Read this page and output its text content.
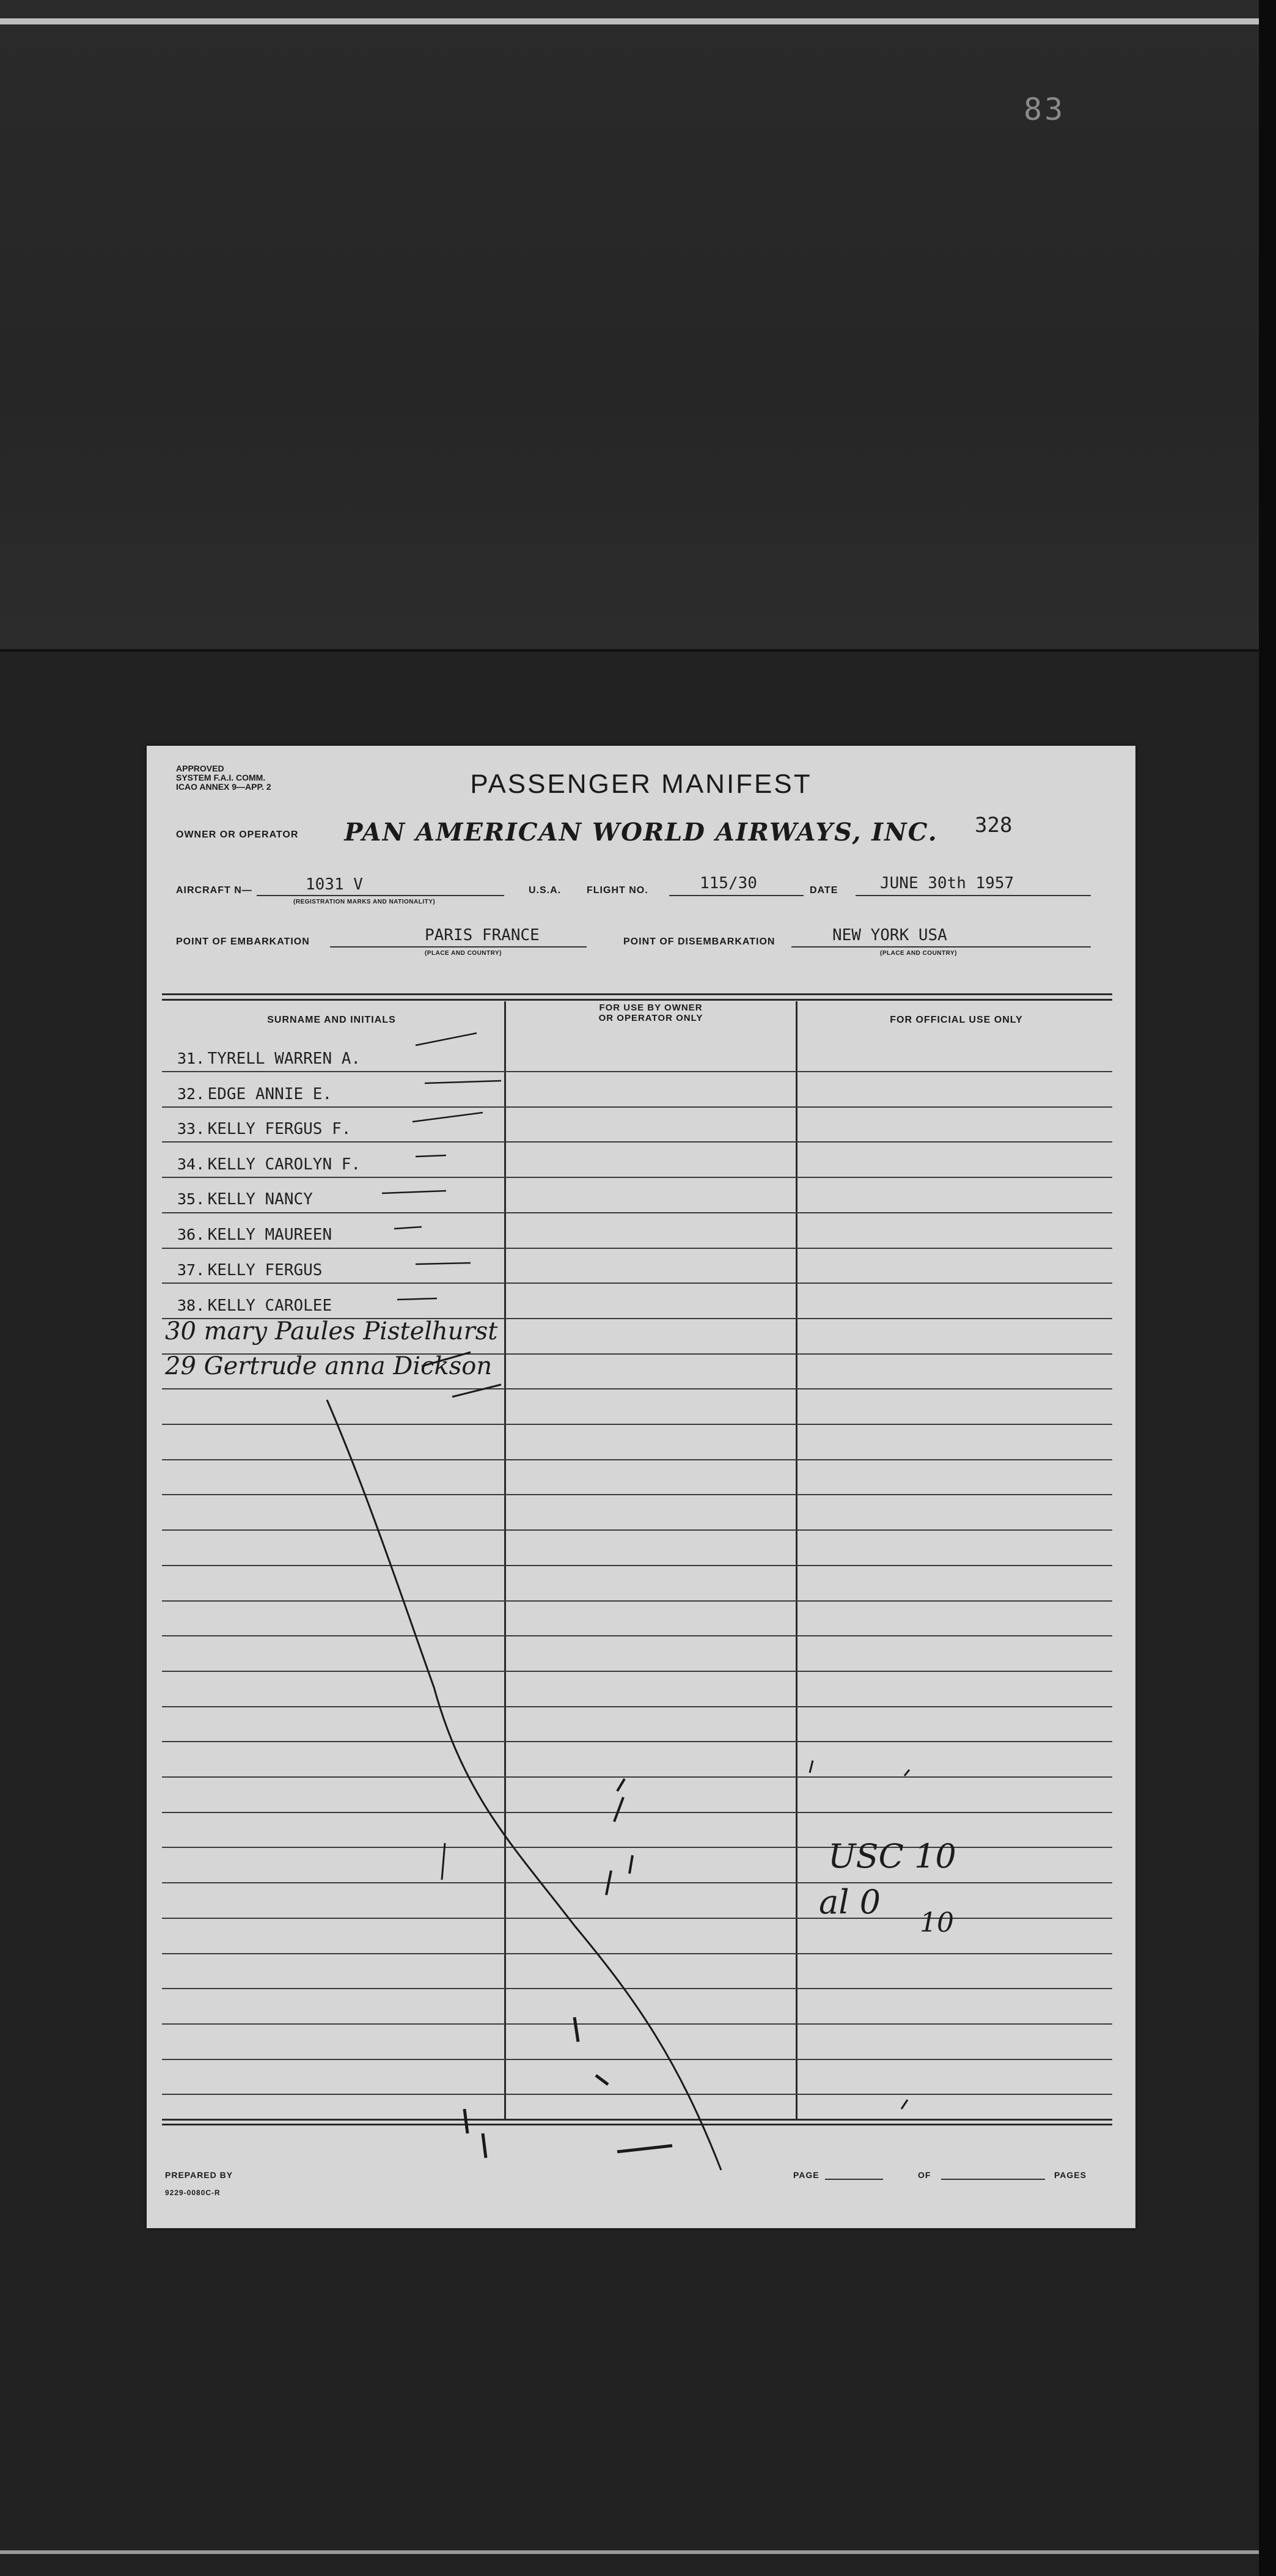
83
APPROVED
SYSTEM F.A.I. COMM.
ICAO ANNEX 9—APP. 2	PASSENGER MANIFEST
328
OWNER OR OPERATOR	PAN AMERICAN WORLD AIRWAYS, INC.
AIRCRAFT N—	1031 V
(REGISTRATION MARKS AND NATIONALITY)
U.S.A.	FLIGHT NO.	115/30	DATE	JUNE 30th 1957
POINT OF EMBARKATION	PARIS FRANCE
(PLACE AND COUNTRY)
POINT OF DISEMBARKATION	NEW YORK USA
(PLACE AND COUNTRY)
SURNAME AND INITIALS
FOR USE BY OWNER
OR OPERATOR ONLY	FOR OFFICIAL USE ONLY
31. TYRELL WARREN A.
32. EDGE ANNIE E.
33. KELLY FERGUS F.
34. KELLY CAROLYN F.
35. KELLY NANCY
36. KELLY MAUREEN
37. KELLY FERGUS
38. KELLY CAROLEE
30 mary Paules Pistelhurst
29 Gertrude anna Dickson
USC 10
al 0
10
PREPARED BY
9229-0080C-R
PAGE	OF	PAGES
